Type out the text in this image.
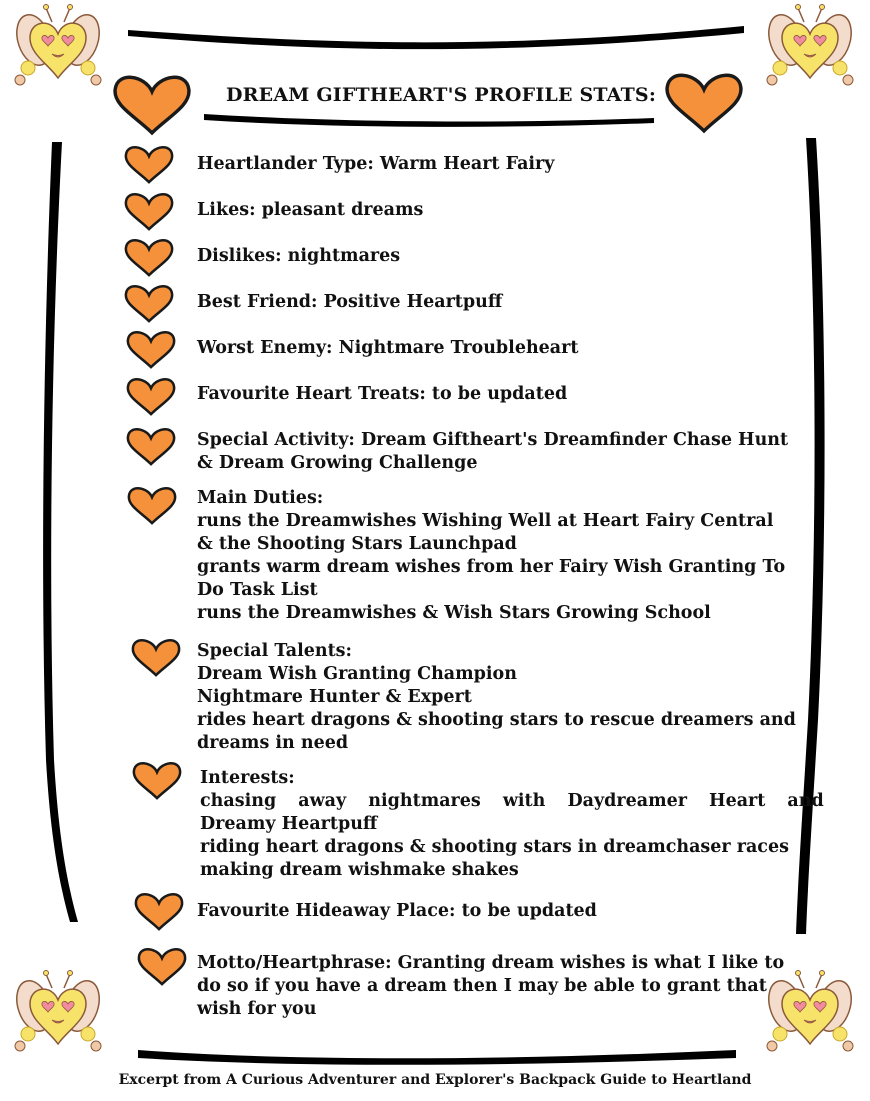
DREAM GIFTHEART'S PROFILE STATS:
Heartlander Type: Warm Heart Fairy
Likes: pleasant dreams
Dislikes: nightmares
Best Friend: Positive Heartpuff
Worst Enemy: Nightmare Troubleheart
Favourite Heart Treats: to be updated
Special Activity: Dream Giftheart's Dreamfinder Chase Hunt
& Dream Growing Challenge
Main Duties:
runs the Dreamwishes Wishing Well at Heart Fairy Central
& the Shooting Stars Launchpad
grants warm dream wishes from her Fairy Wish Granting To
Do Task List
runs the Dreamwishes & Wish Stars Growing School
Special Talents:
Dream Wish Granting Champion
Nightmare Hunter & Expert
rides heart dragons & shooting stars to rescue dreamers and
dreams in need
Interests:
chasing away nightmares with Daydreamer Heart and
Dreamy Heartpuff
riding heart dragons & shooting stars in dreamchaser races
making dream wishmake shakes
Favourite Hideaway Place: to be updated
Motto/Heartphrase: Granting dream wishes is what I like to
do so if you have a dream then I may be able to grant that
wish for you
Excerpt from A Curious Adventurer and Explorer's Backpack Guide to Heartland
